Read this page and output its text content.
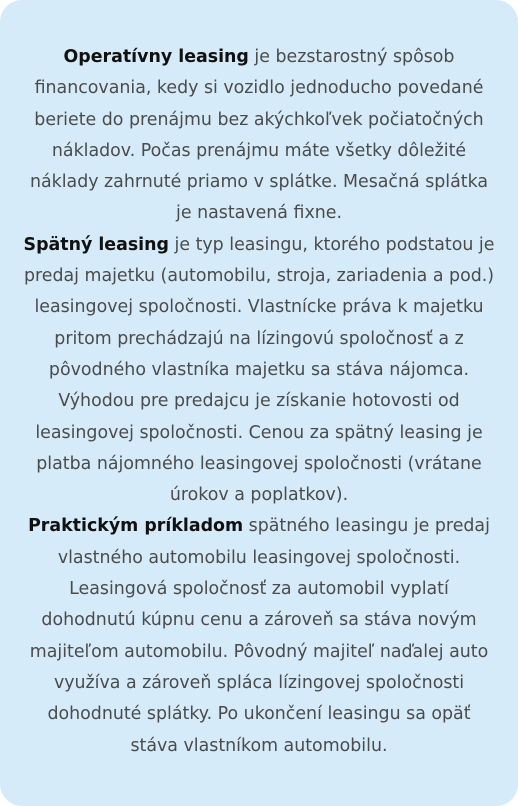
Operatívny leasing je bezstarostný spôsob financovania, kedy si vozidlo jednoducho povedané beriete do prenájmu bez akýchkoľvek počiatočných nákladov. Počas prenájmu máte všetky dôležité náklady zahrnuté priamo v splátke. Mesačná splátka je nastavená fixne.
Spätný leasing je typ leasingu, ktorého podstatou je predaj majetku (automobilu, stroja, zariadenia a pod.) leasingovej spoločnosti. Vlastnícke práva k majetku pritom prechádzajú na lízingovú spoločnosť a z pôvodného vlastníka majetku sa stáva nájomca. Výhodou pre predajcu je získanie hotovosti od leasingovej spoločnosti. Cenou za spätný leasing je platba nájomného leasingovej spoločnosti (vrátane úrokov a poplatkov).
Praktickým príkladom spätného leasingu je predaj vlastného automobilu leasingovej spoločnosti. Leasingová spoločnosť za automobil vyplatí dohodnutú kúpnu cenu a zároveň sa stáva novým majiteľom automobilu. Pôvodný majiteľ naďalej auto využíva a zároveň spláca lízingovej spoločnosti dohodnuté splátky. Po ukončení leasingu sa opäť stáva vlastníkom automobilu.
